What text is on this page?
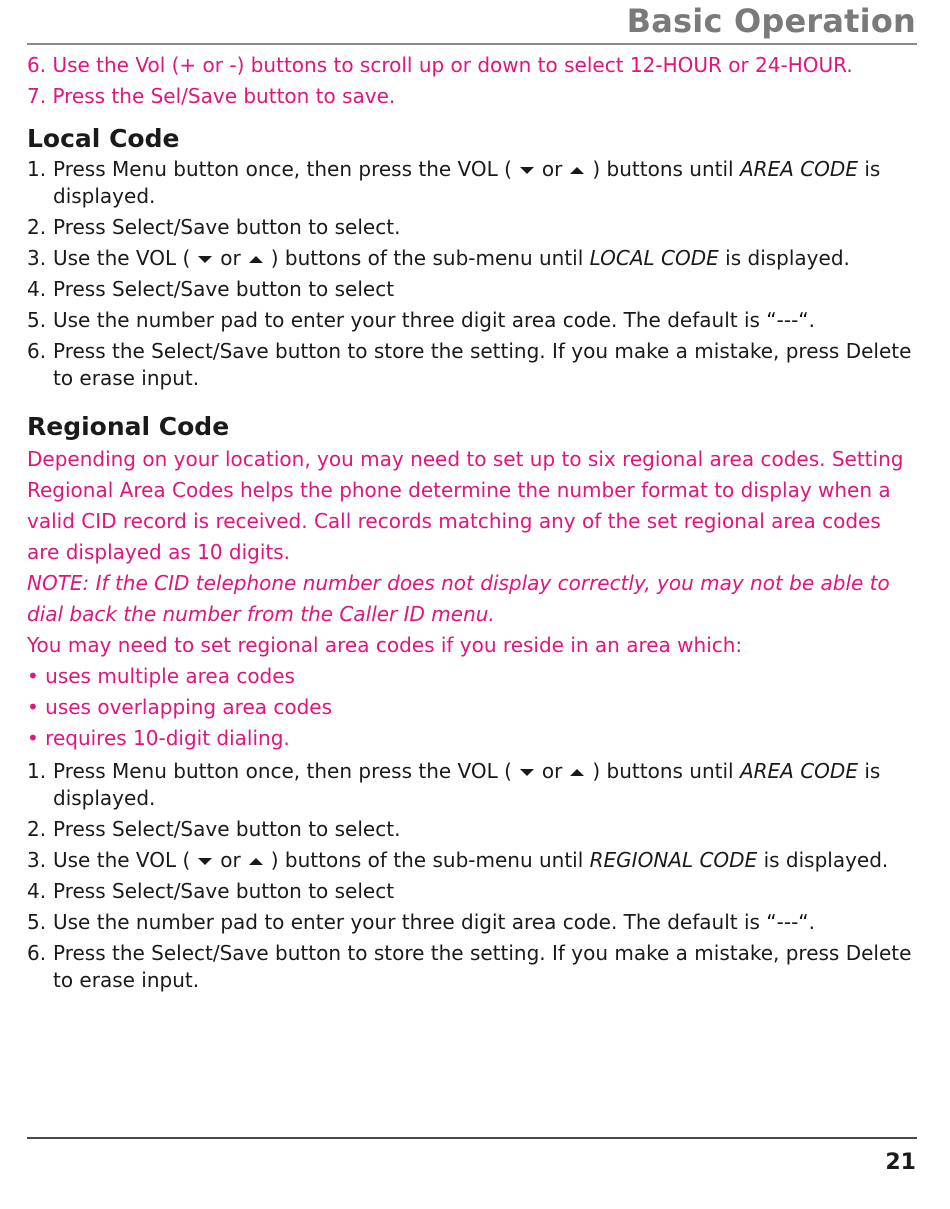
Basic Operation
6. Use the Vol (+ or -) buttons to scroll up or down to select 12-HOUR or 24-HOUR.
7. Press the Sel/Save button to save.
Local Code
1. Press Menu button once, then press the VOL ( or ) buttons until AREA CODE is displayed.
2. Press Select/Save button to select.
3. Use the VOL ( or ) buttons of the sub-menu until LOCAL CODE is displayed.
4. Press Select/Save button to select
5. Use the number pad to enter your three digit area code. The default is “---“.
6. Press the Select/Save button to store the setting. If you make a mistake, press Delete to erase input.
Regional Code
Depending on your location, you may need to set up to six regional area codes. Setting Regional Area Codes helps the phone determine the number format to display when a valid CID record is received. Call records matching any of the set regional area codes are displayed as 10 digits.
NOTE: If the CID telephone number does not display correctly, you may not be able to dial back the number from the Caller ID menu.
You may need to set regional area codes if you reside in an area which:
• uses multiple area codes
• uses overlapping area codes
• requires 10-digit dialing.
1. Press Menu button once, then press the VOL ( or ) buttons until AREA CODE is displayed.
2. Press Select/Save button to select.
3. Use the VOL ( or ) buttons of the sub-menu until REGIONAL CODE is displayed.
4. Press Select/Save button to select
5. Use the number pad to enter your three digit area code. The default is “---“.
6. Press the Select/Save button to store the setting. If you make a mistake, press Delete to erase input.
21
